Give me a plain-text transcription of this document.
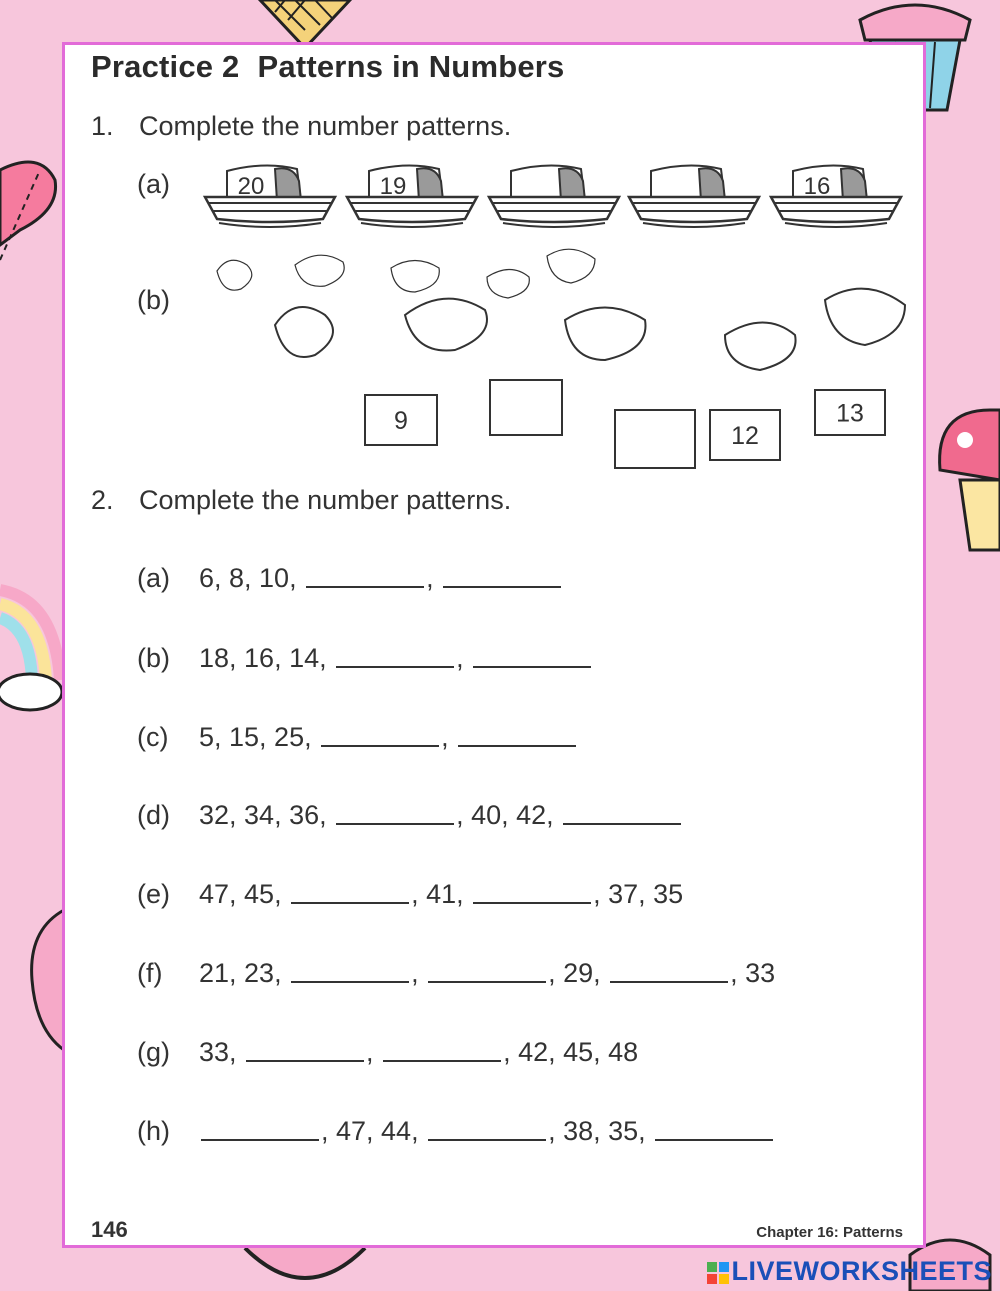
Practice 2 Patterns in Numbers
1. Complete the number patterns.
(a)	20	19	16
(b)
9
12
13
2. Complete the number patterns.
(a)	6, 8, 10,	,
(b)	18, 16, 14,	,
(c)	5, 15, 25,	,
(d)	32, 34, 36,	, 40, 42,
(e)	47, 45,	, 41,	, 37, 35
(f)	21, 23,	,	, 29,	, 33
(g)	33,	,	, 42, 45, 48
(h)	, 47, 44,	, 38, 35,
146	Chapter 16: Patterns
LIVEWORKSHEETS
